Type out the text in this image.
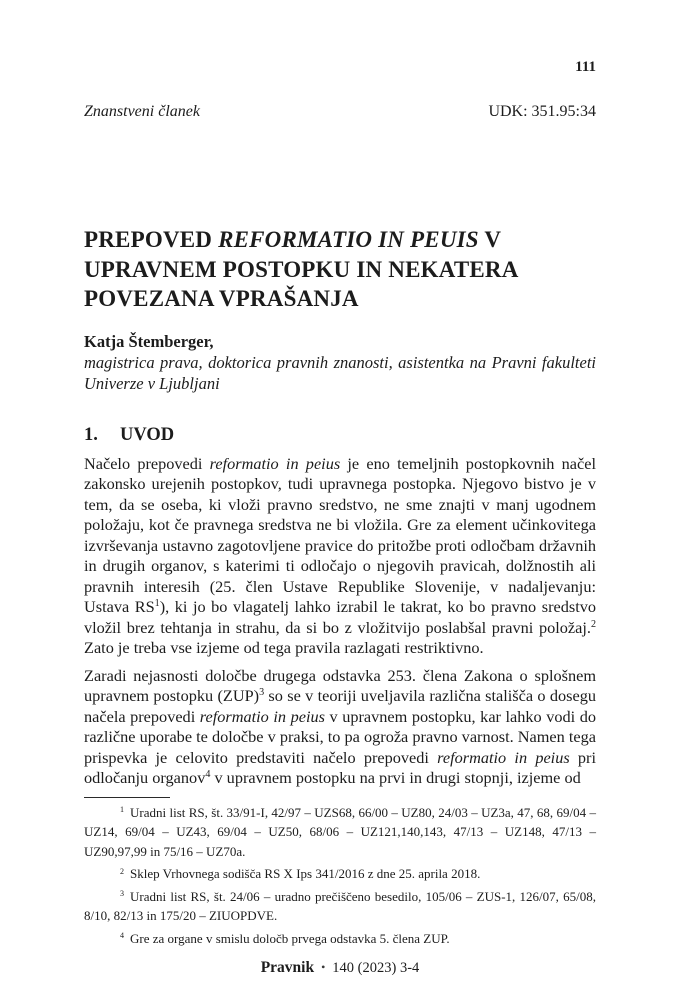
111
Znanstveni članek	UDK: 351.95:34
PREPOVED REFORMATIO IN PEUIS V UPRAVNEM POSTOPKU IN NEKATERA POVEZANA VPRAŠANJA
Katja Štemberger,
magistrica prava, doktorica pravnih znanosti, asistentka na Pravni fakulteti Univerze v Ljubljani
1. UVOD

Načelo prepovedi reformatio in peius je eno temeljnih postopkovnih načel zakonsko urejenih postopkov, tudi upravnega postopka. Njegovo bistvo je v tem, da se oseba, ki vloži pravno sredstvo, ne sme znajti v manj ugodnem položaju, kot če pravnega sredstva ne bi vložila. Gre za element učinkovitega izvrševanja ustavno zagotovljene pravice do pritožbe proti odločbam državnih in drugih organov, s katerimi ti odločajo o njegovih pravicah, dolžnostih ali pravnih interesih (25. člen Ustave Republike Slovenije, v nadaljevanju: Ustava $RS^1$), ki jo bo vlagatelj lahko izrabil le takrat, ko bo pravno sredstvo vložil brez tehtanja in strahu, da si bo z vložitvijo poslabšal pravni položaj.$^2$ Zato je treba vse izjeme od tega pravila razlagati restriktivno.

Zaradi nejasnosti določbe drugega odstavka 253. člena Zakona o splošnem upravnem postopku (ZUP)$^3$ so se v teoriji uveljavila različna stališča o dosegu načela prepovedi reformatio in peius v upravnem postopku, kar lahko vodi do različne uporabe te določbe v praksi, to pa ogroža pravno varnost. Namen tega prispevka je celovito predstaviti načelo prepovedi reformatio in peius pri odločanju organov$^4$ v upravnem postopku na prvi in drugi stopnji, izjeme od

$^1$ Uradni list RS, št. 33/91-I, 42/97 – UZS68, 66/00 – UZ80, 24/03 – UZ3a, 47, 68, 69/04 – UZ14, 69/04 – UZ43, 69/04 – UZ50, 68/06 – UZ121,140,143, 47/13 – UZ148, 47/13 – UZ90,97,99 in 75/16 – UZ70a.

$^2$ Sklep Vrhovnega sodišča RS X Ips 341/2016 z dne 25. aprila 2018.

$^3$ Uradni list RS, št. 24/06 – uradno prečiščeno besedilo, 105/06 – ZUS-1, 126/07, 65/08, 8/10, 82/13 in 175/20 – ZIUOPDVE.

$^4$ Gre za organe v smislu določb prvega odstavka 5. člena ZUP.

Pravnik • 140 (2023) 3-4
